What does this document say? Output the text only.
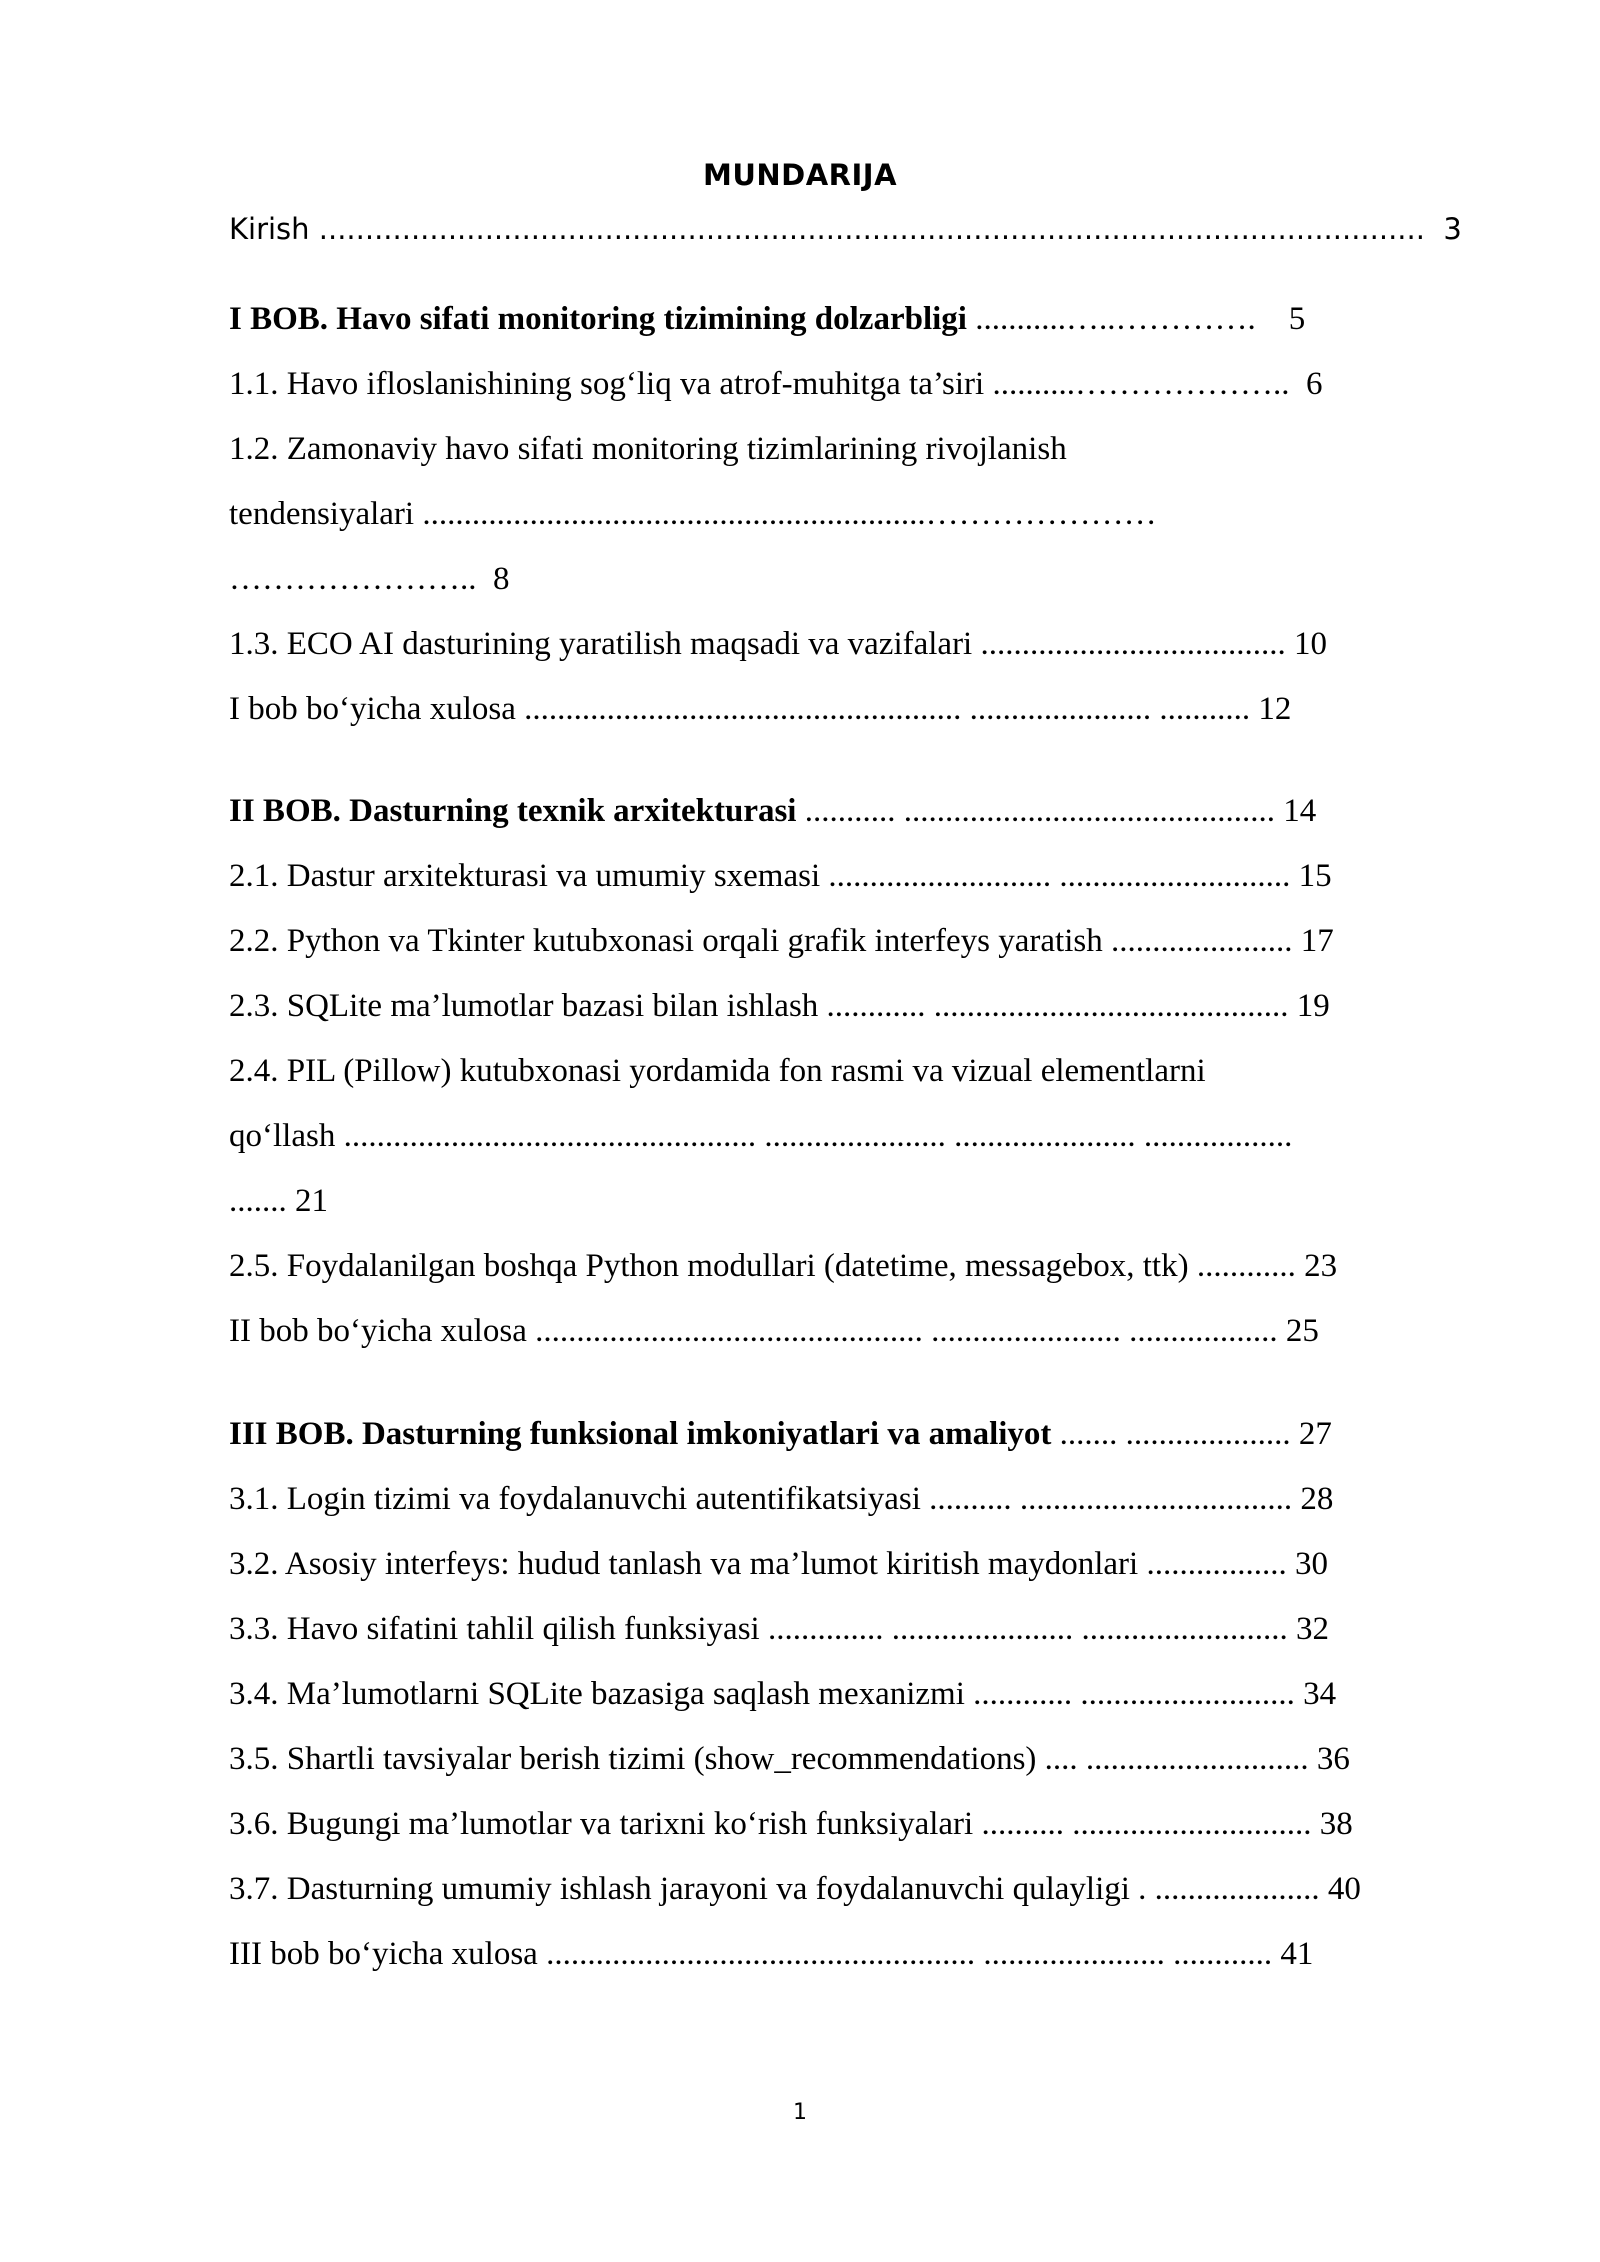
MUNDARIJA
Kirish ........................................................................................................................  3
I BOB. Havo sifati monitoring tizimining dolzarbligi ...........…..………….    5
1.1. Havo ifloslanishining sog‘liq va atrof-muhitga ta’siri ..........………………..  6
1.2. Zamonaviy havo sifati monitoring tizimlarining rivojlanish
tendensiyalari .............................................................…………………
…………………..  8
1.3. ECO AI dasturining yaratilish maqsadi va vazifalari ..................................... 10
I bob bo‘yicha xulosa ..................................................... ...................... ........... 12
II BOB. Dasturning texnik arxitekturasi ........... ............................................. 14
2.1. Dastur arxitekturasi va umumiy sxemasi ........................... ............................ 15
2.2. Python va Tkinter kutubxonasi orqali grafik interfeys yaratish ...................... 17
2.3. SQLite ma’lumotlar bazasi bilan ishlash ............ ........................................... 19
2.4. PIL (Pillow) kutubxonasi yordamida fon rasmi va vizual elementlarni
qo‘llash .................................................. ...................... ...................... ..................
....... 21
2.5. Foydalanilgan boshqa Python modullari (datetime, messagebox, ttk) ............ 23
II bob bo‘yicha xulosa ............................................... ....................... .................. 25
III BOB. Dasturning funksional imkoniyatlari va amaliyot ....... .................... 27
3.1. Login tizimi va foydalanuvchi autentifikatsiyasi .......... ................................. 28
3.2. Asosiy interfeys: hudud tanlash va ma’lumot kiritish maydonlari ................. 30
3.3. Havo sifatini tahlil qilish funksiyasi .............. ...................... ......................... 32
3.4. Ma’lumotlarni SQLite bazasiga saqlash mexanizmi ............ .......................... 34
3.5. Shartli tavsiyalar berish tizimi (show_recommendations) .... ........................... 36
3.6. Bugungi ma’lumotlar va tarixni ko‘rish funksiyalari .......... ............................. 38
3.7. Dasturning umumiy ishlash jarayoni va foydalanuvchi qulayligi . .................... 40
III bob bo‘yicha xulosa .................................................... ...................... ............ 41
1
